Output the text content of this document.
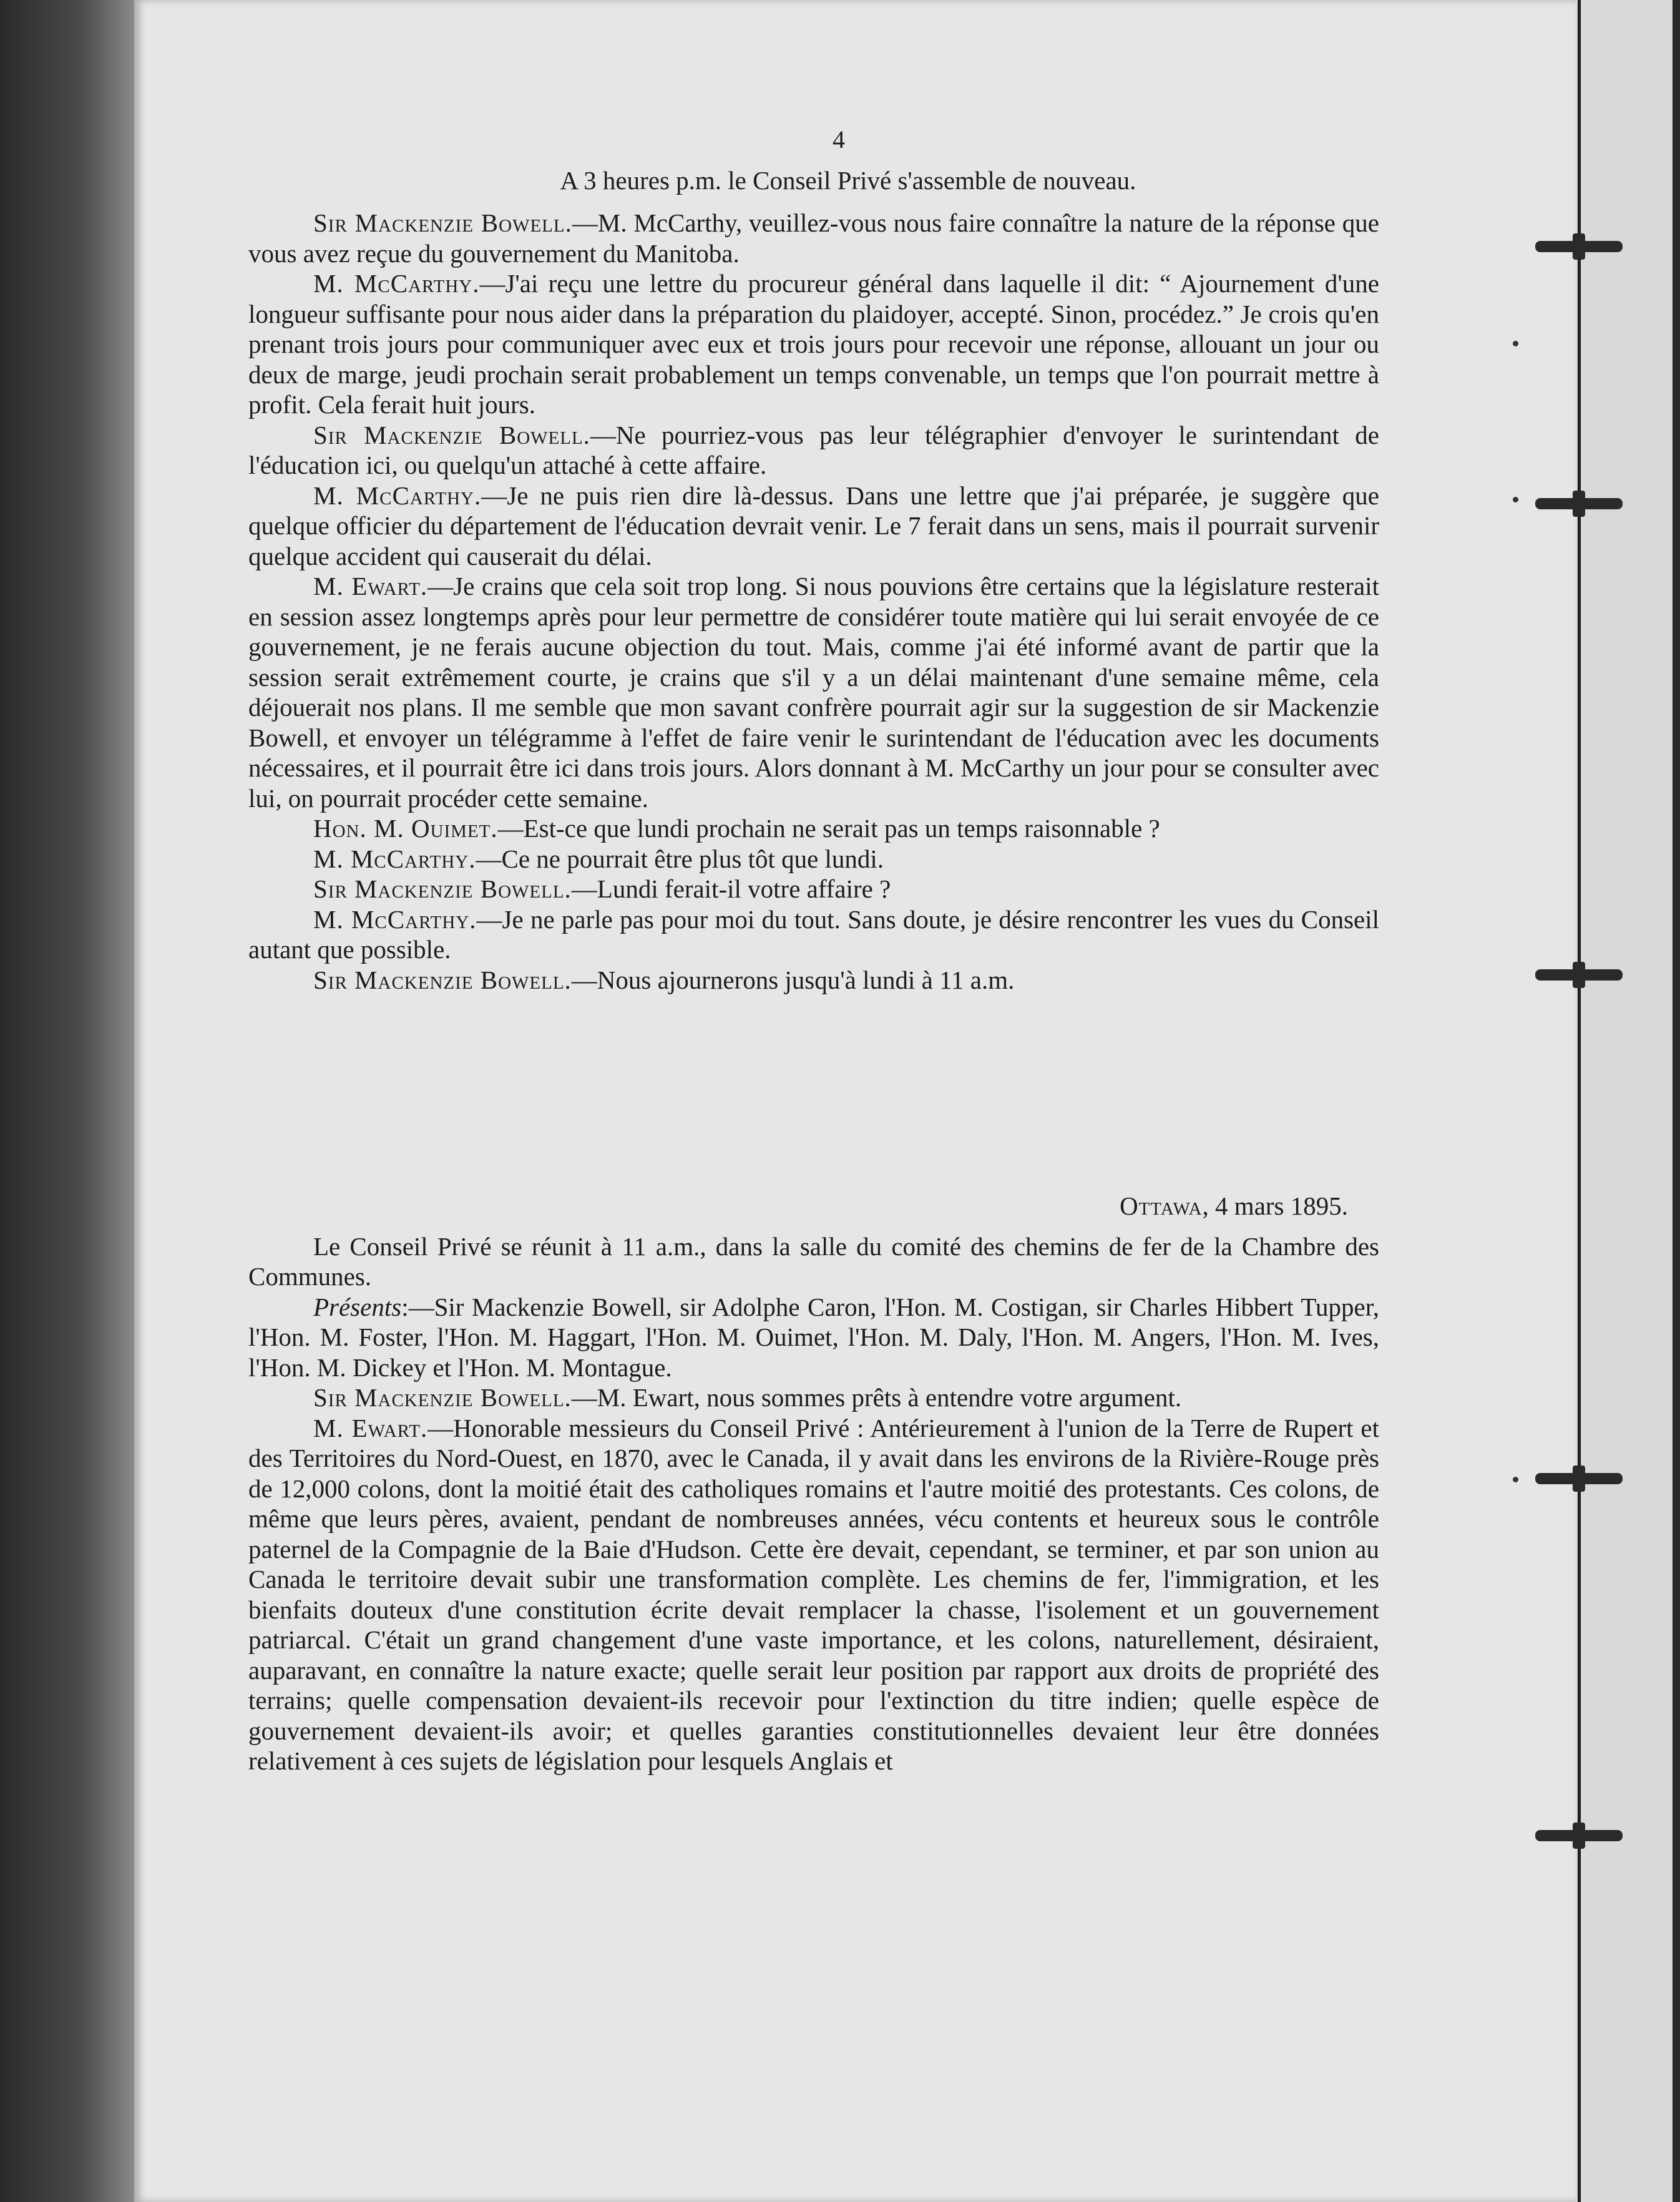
4
A 3 heures p.m. le Conseil Privé s'assemble de nouveau.

Sir Mackenzie Bowell.—M. McCarthy, veuillez-vous nous faire connaître la nature de la réponse que vous avez reçue du gouvernement du Manitoba.

M. McCarthy.—J'ai reçu une lettre du procureur général dans laquelle il dit: “ Ajournement d'une longueur suffisante pour nous aider dans la préparation du plaidoyer, accepté. Sinon, procédez.” Je crois qu'en prenant trois jours pour communiquer avec eux et trois jours pour recevoir une réponse, allouant un jour ou deux de marge, jeudi prochain serait probablement un temps convenable, un temps que l'on pourrait mettre à profit. Cela ferait huit jours.

Sir Mackenzie Bowell.—Ne pourriez-vous pas leur télégraphier d'envoyer le surintendant de l'éducation ici, ou quelqu'un attaché à cette affaire.

M. McCarthy.—Je ne puis rien dire là-dessus. Dans une lettre que j'ai préparée, je suggère que quelque officier du département de l'éducation devrait venir. Le 7 ferait dans un sens, mais il pourrait survenir quelque accident qui causerait du délai.

M. Ewart.—Je crains que cela soit trop long. Si nous pouvions être certains que la législature resterait en session assez longtemps après pour leur permettre de considérer toute matière qui lui serait envoyée de ce gouvernement, je ne ferais aucune objection du tout. Mais, comme j'ai été informé avant de partir que la session serait extrêmement courte, je crains que s'il y a un délai maintenant d'une semaine même, cela déjouerait nos plans. Il me semble que mon savant confrère pourrait agir sur la suggestion de sir Mackenzie Bowell, et envoyer un télégramme à l'effet de faire venir le surintendant de l'éducation avec les documents nécessaires, et il pourrait être ici dans trois jours. Alors donnant à M. McCarthy un jour pour se consulter avec lui, on pourrait procéder cette semaine.

Hon. M. Ouimet.—Est-ce que lundi prochain ne serait pas un temps raisonnable ?

M. McCarthy.—Ce ne pourrait être plus tôt que lundi.

Sir Mackenzie Bowell.—Lundi ferait-il votre affaire ?

M. McCarthy.—Je ne parle pas pour moi du tout. Sans doute, je désire rencontrer les vues du Conseil autant que possible.

Sir Mackenzie Bowell.—Nous ajournerons jusqu'à lundi à 11 a.m.

Ottawa, 4 mars 1895.

Le Conseil Privé se réunit à 11 a.m., dans la salle du comité des chemins de fer de la Chambre des Communes.

Présents:—Sir Mackenzie Bowell, sir Adolphe Caron, l'Hon. M. Costigan, sir Charles Hibbert Tupper, l'Hon. M. Foster, l'Hon. M. Haggart, l'Hon. M. Ouimet, l'Hon. M. Daly, l'Hon. M. Angers, l'Hon. M. Ives, l'Hon. M. Dickey et l'Hon. M. Montague.

Sir Mackenzie Bowell.—M. Ewart, nous sommes prêts à entendre votre argument.

M. Ewart.—Honorable messieurs du Conseil Privé : Antérieurement à l'union de la Terre de Rupert et des Territoires du Nord-Ouest, en 1870, avec le Canada, il y avait dans les environs de la Rivière-Rouge près de 12,000 colons, dont la moitié était des catholiques romains et l'autre moitié des protestants. Ces colons, de même que leurs pères, avaient, pendant de nombreuses années, vécu contents et heureux sous le contrôle paternel de la Compagnie de la Baie d'Hudson. Cette ère devait, cependant, se terminer, et par son union au Canada le territoire devait subir une transformation complète. Les chemins de fer, l'immigration, et les bienfaits douteux d'une constitution écrite devait remplacer la chasse, l'isolement et un gouvernement patriarcal. C'était un grand changement d'une vaste importance, et les colons, naturellement, désiraient, auparavant, en connaître la nature exacte; quelle serait leur position par rapport aux droits de propriété des terrains; quelle compensation devaient-ils recevoir pour l'extinction du titre indien; quelle espèce de gouvernement devaient-ils avoir; et quelles garanties constitutionnelles devaient leur être données relativement à ces sujets de législation pour lesquels Anglais et
